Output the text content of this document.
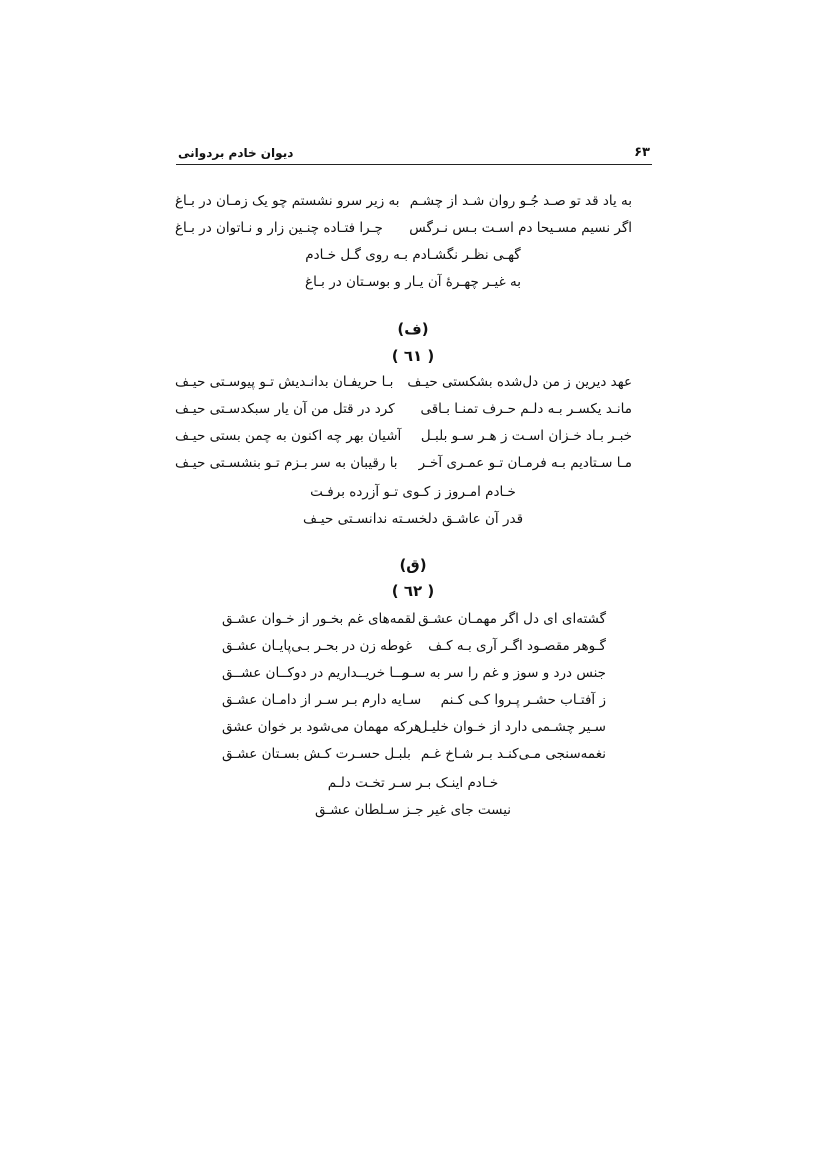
دیوان خادم بردوانی	۶۳
به یاد قد تو صـد جُـو روان شـد از چشـم
به زیر سرو نشستم چو یک زمـان در بـاغ
اگر نسیم مسـیحا دم اسـت بـس نـرگس
چـرا فتـاده چنـین زار و نـاتوان در بـاغ
گهـی نظـر نگشـادم بـه روی گـل خـادم
به غیـر چهـرهٔ آن یـار و بوسـتان در بـاغ
(ف)
( ٦١ )
عهد دیرین ز من دل‌شده بشکستی حیـف
بـا حریفـان بدانـدیش تـو پیوسـتی حیـف
مانـد یکسـر بـه دلـم حـرف تمنـا بـاقی
کرد در قتل من آن یار سبکدسـتی حیـف
خبـر بـاد خـزان اسـت ز هـر سـو بلبـل
آشیان بهر چه اکنون به چمن بستی حیـف
مـا سـتادیم بـه فرمـان تـو عمـری آخـر
با رقیبان به سر بـزم تـو بنشسـتی حیـف
خـادم امـروز ز کـوی تـو آزرده برفـت
قدر آن عاشـق دلخسـته ندانسـتی حیـف
(ق)
( ٦٢ )
گشته‌ای ای دل اگر مهمـان عشـق
لقمه‌های غم بخـور از خـوان عشـق
گـوهر مقصـود اگـر آری بـه کـف
غوطه زن در بحـر بـی‌پایـان عشـق
جنس درد و سوز و غم را سر به سـر
مــا خریــداریم در دوکــان عشــق
ز آفتـاب حشـر پـروا کـی کـنم
سـایه دارم بـر سـر از دامـان عشـق
سـیر چشـمی دارد از خـوان خلیـل
هرکه مهمان می‌شود بر خوان عشق
نغمه‌سنجی مـی‌کنـد بـر شـاخ غـم
بلبـل حسـرت کـش بسـتان عشـق
خـادم اینـک بـر سـر تخـت دلـم
نیست جای غیر جـز سـلطان عشـق
